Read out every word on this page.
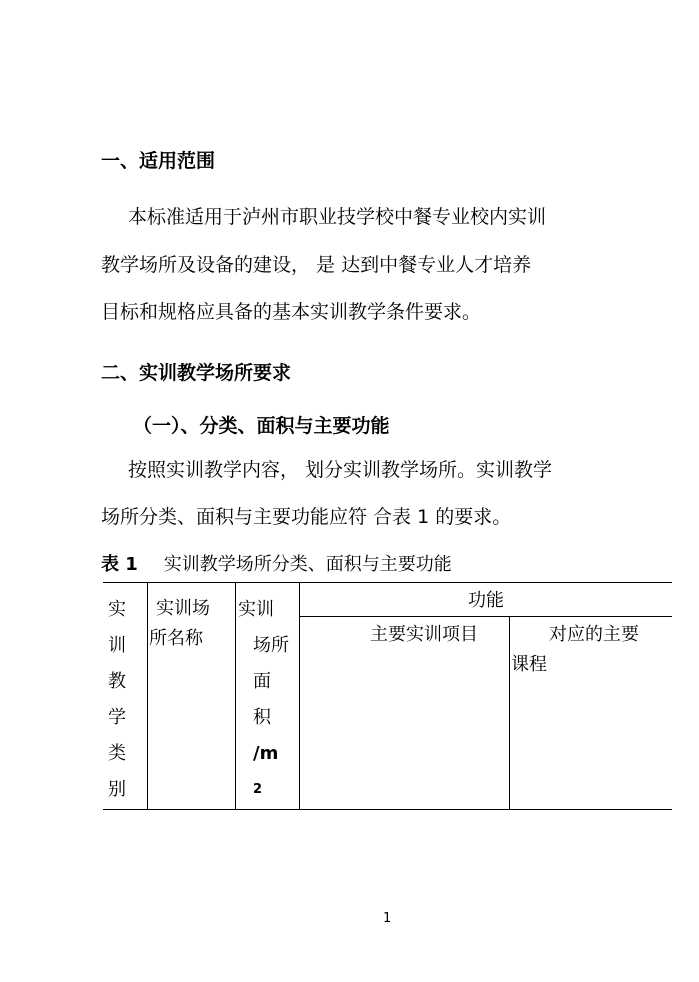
一、适用范围
本标准适用于泸州市职业技学校中餐专业校内实训
教学场所及设备的建设， 是 达到中餐专业人才培养
目标和规格应具备的基本实训教学条件要求。
二、实训教学场所要求
（一）、分类、面积与主要功能
按照实训教学内容， 划分实训教学场所。实训教学
场所分类、面积与主要功能应符 合表 1 的要求。
表 1 实训教学场所分类、面积与主要功能
实
训
教
学
类
别
实训场
所名称
实训
场所
面
积
/m
$^2$
功能
主要实训项目	对应的主要
课程
1
